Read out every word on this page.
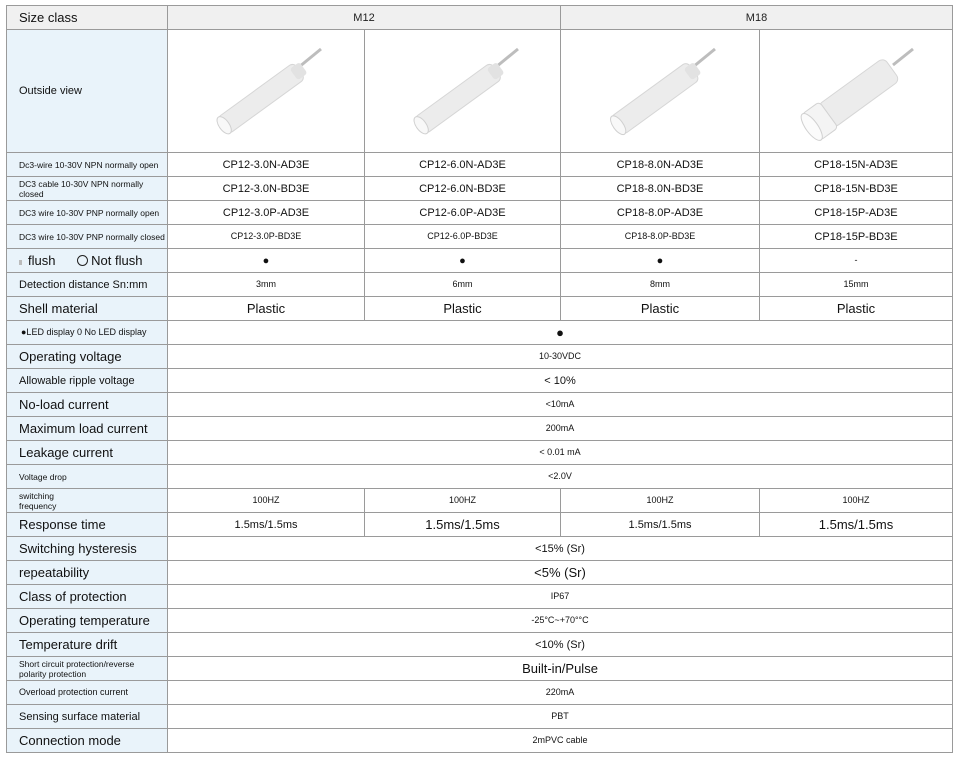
Size class	M12		M18	
Outside view	

Dc3-wire 10-30V NPN normally open	CP12-3.0N-AD3E	CP12-6.0N-AD3E	CP18-8.0N-AD3E	CP18-15N-AD3E
DC3 cable 10-30V NPN normally closed	CP12-3.0N-BD3E	CP12-6.0N-BD3E	CP18-8.0N-BD3E	CP18-15N-BD3E
DC3 wire 10-30V PNP normally open	CP12-3.0P-AD3E	CP12-6.0P-AD3E	CP18-8.0P-AD3E	CP18-15P-AD3E
DC3 wire 10-30V PNP normally closed	CP12-3.0P-BD3E	CP12-6.0P-BD3E	CP18-8.0P-BD3E	CP18-15P-BD3E
flush Not flush	●	●	●	-
Detection distance Sn:mm	3mm	6mm	8mm	15mm
Shell material	Plastic	Plastic	Plastic	Plastic
●LED display 0 No LED display	●			
Operating voltage	10-30VDC			
Allowable ripple voltage	< 10%			
No-load current	<10mA			
Maximum load current	200mA			
Leakage current	< 0.01 mA			
Voltage drop	<2.0V			

switching
frequency	100HZ	100HZ	100HZ	100HZ
Response time	1.5ms/1.5ms	1.5ms/1.5ms	1.5ms/1.5ms	1.5ms/1.5ms
Switching hysteresis	<15% (Sr)			
repeatability	<5% (Sr)			
Class of protection	IP67			
Operating temperature	-25°C~+70°°C			
Temperature drift	<10% (Sr)			

Short circuit protection/reverse
polarity protection	Built-in/Pulse			
Overload protection current	220mA			
Sensing surface material	PBT			
Connection mode	2mPVC cable			
